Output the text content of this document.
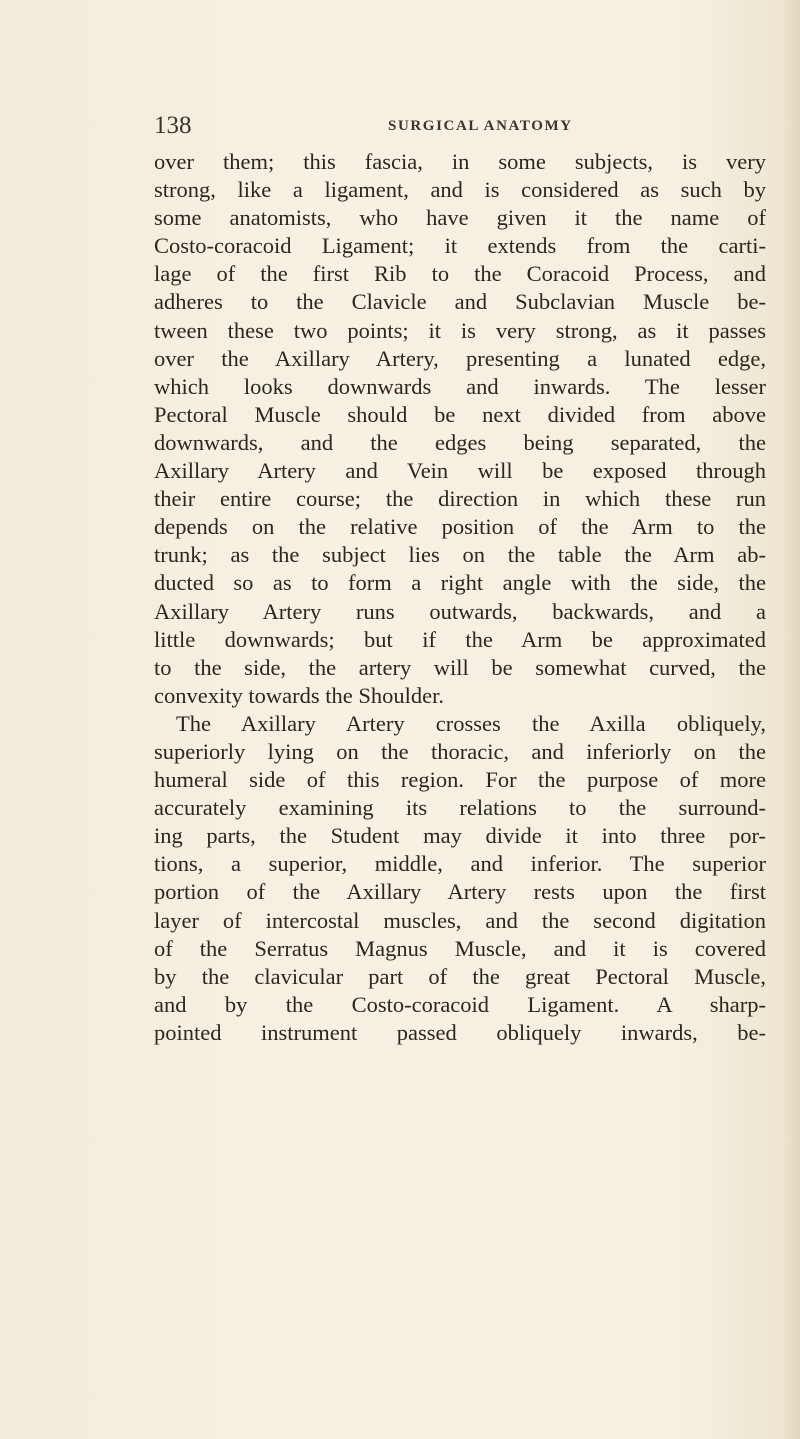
138	SURGICAL ANATOMY
over them; this fascia, in some subjects, is very
strong, like a ligament, and is considered as such by
some anatomists, who have given it the name of
Costo-coracoid Ligament; it extends from the carti-
lage of the first Rib to the Coracoid Process, and
adheres to the Clavicle and Subclavian Muscle be-
tween these two points; it is very strong, as it passes
over the Axillary Artery, presenting a lunated edge,
which looks downwards and inwards. The lesser
Pectoral Muscle should be next divided from above
downwards, and the edges being separated, the
Axillary Artery and Vein will be exposed through
their entire course; the direction in which these run
depends on the relative position of the Arm to the
trunk; as the subject lies on the table the Arm ab-
ducted so as to form a right angle with the side, the
Axillary Artery runs outwards, backwards, and a
little downwards; but if the Arm be approximated
to the side, the artery will be somewhat curved, the
convexity towards the Shoulder.
The Axillary Artery crosses the Axilla obliquely,
superiorly lying on the thoracic, and inferiorly on the
humeral side of this region. For the purpose of more
accurately examining its relations to the surround-
ing parts, the Student may divide it into three por-
tions, a superior, middle, and inferior. The superior
portion of the Axillary Artery rests upon the first
layer of intercostal muscles, and the second digitation
of the Serratus Magnus Muscle, and it is covered
by the clavicular part of the great Pectoral Muscle,
and by the Costo-coracoid Ligament. A sharp-
pointed instrument passed obliquely inwards, be-
